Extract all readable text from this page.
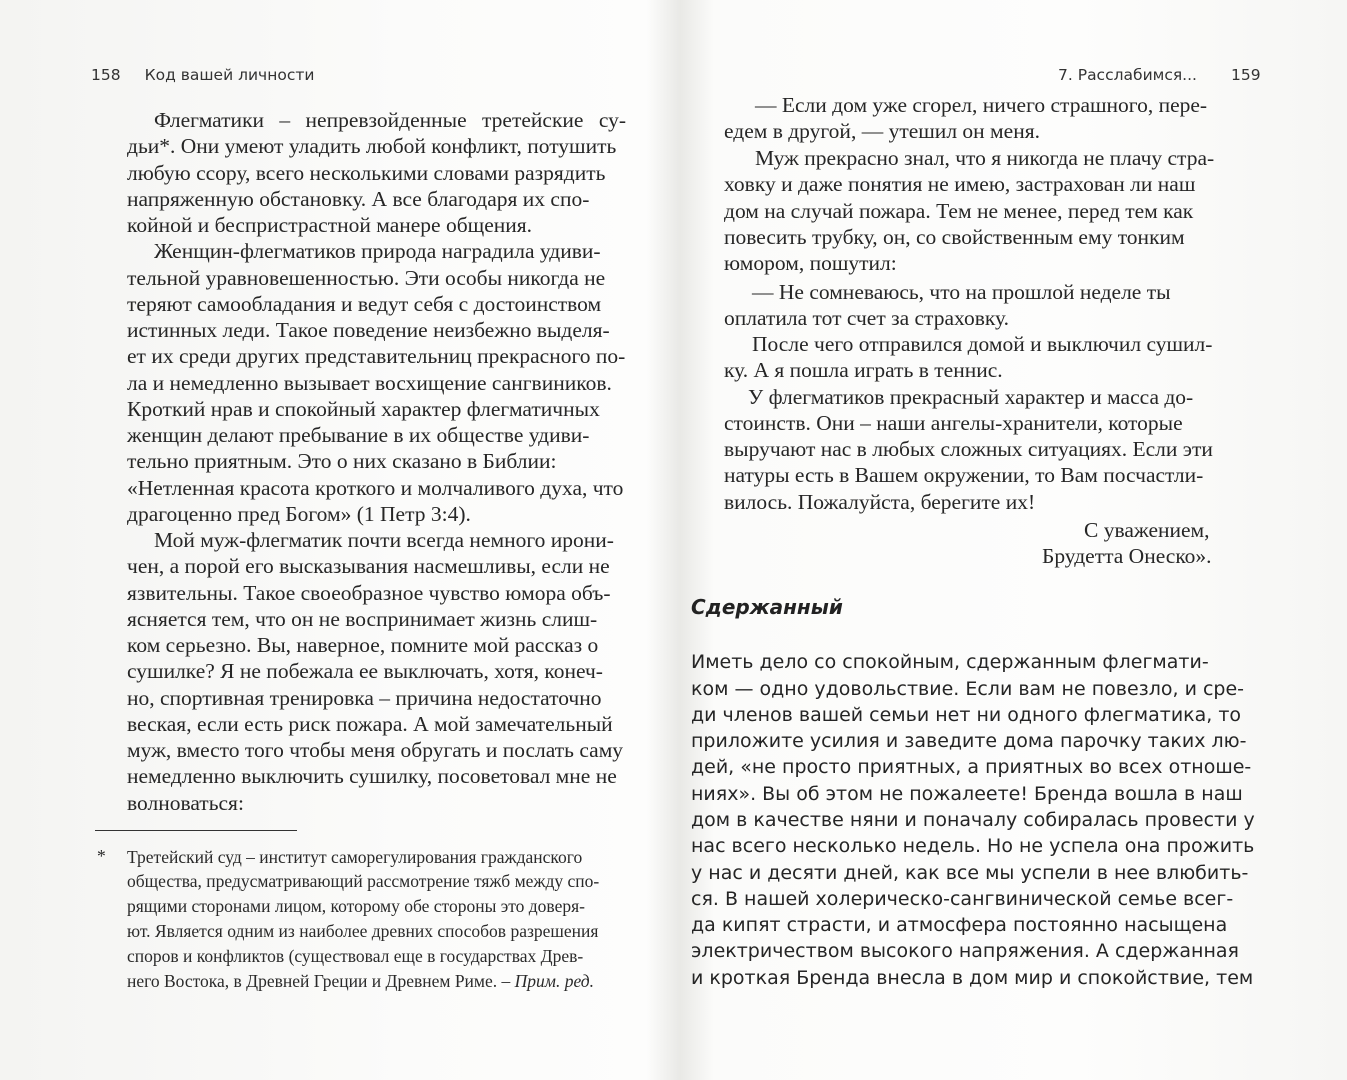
158 Код вашей личности
Флегматики – непревзойденные третейские су-
дьи*. Они умеют уладить любой конфликт, потушить
любую ссору, всего несколькими словами разрядить
напряженную обстановку. А все благодаря их спо-
койной и беспристрастной манере общения.
Женщин-флегматиков природа наградила удиви-
тельной уравновешенностью. Эти особы никогда не
теряют самообладания и ведут себя с достоинством
истинных леди. Такое поведение неизбежно выделя-
ет их среди других представительниц прекрасного по-
ла и немедленно вызывает восхищение сангвиников.
Кроткий нрав и спокойный характер флегматичных
женщин делают пребывание в их обществе удиви-
тельно приятным. Это о них сказано в Библии:
«Нетленная красота кроткого и молчаливого духа, что
драгоценно пред Богом» (1 Петр 3:4).
Мой муж-флегматик почти всегда немного ирони-
чен, а порой его высказывания насмешливы, если не
язвительны. Такое своеобразное чувство юмора объ-
ясняется тем, что он не воспринимает жизнь слиш-
ком серьезно. Вы, наверное, помните мой рассказ о
сушилке? Я не побежала ее выключать, хотя, конеч-
но, спортивная тренировка – причина недостаточно
веская, если есть риск пожара. А мой замечательный
муж, вместо того чтобы меня обругать и послать саму
немедленно выключить сушилку, посоветовал мне не
волноваться:
* Третейский суд – институт саморегулирования гражданского
общества, предусматривающий рассмотрение тяжб между спо-
рящими сторонами лицом, которому обе стороны это доверя-
ют. Является одним из наиболее древних способов разрешения
споров и конфликтов (существовал еще в государствах Древ-
него Востока, в Древней Греции и Древнем Риме. – Прим. ред.
7. Расслабимся... 159
— Если дом уже сгорел, ничего страшного, пере-
едем в другой, — утешил он меня.
Муж прекрасно знал, что я никогда не плачу стра-
ховку и даже понятия не имею, застрахован ли наш
дом на случай пожара. Тем не менее, перед тем как
повесить трубку, он, со свойственным ему тонким
юмором, пошутил:
— Не сомневаюсь, что на прошлой неделе ты
оплатила тот счет за страховку.
После чего отправился домой и выключил сушил-
ку. А я пошла играть в теннис.
У флегматиков прекрасный характер и масса до-
стоинств. Они – наши ангелы-хранители, которые
выручают нас в любых сложных ситуациях. Если эти
натуры есть в Вашем окружении, то Вам посчастли-
вилось. Пожалуйста, берегите их!
С уважением,
Брудетта Онеско».
Сдержанный
Иметь дело со спокойным, сдержанным флегмати-
ком — одно удовольствие. Если вам не повезло, и сре-
ди членов вашей семьи нет ни одного флегматика, то
приложите усилия и заведите дома парочку таких лю-
дей, «не просто приятных, а приятных во всех отноше-
ниях». Вы об этом не пожалеете! Бренда вошла в наш
дом в качестве няни и поначалу собиралась провести у
нас всего несколько недель. Но не успела она прожить
у нас и десяти дней, как все мы успели в нее влюбить-
ся. В нашей холерическо-сангвинической семье всег-
да кипят страсти, и атмосфера постоянно насыщена
электричеством высокого напряжения. А сдержанная
и кроткая Бренда внесла в дом мир и спокойствие, тем
